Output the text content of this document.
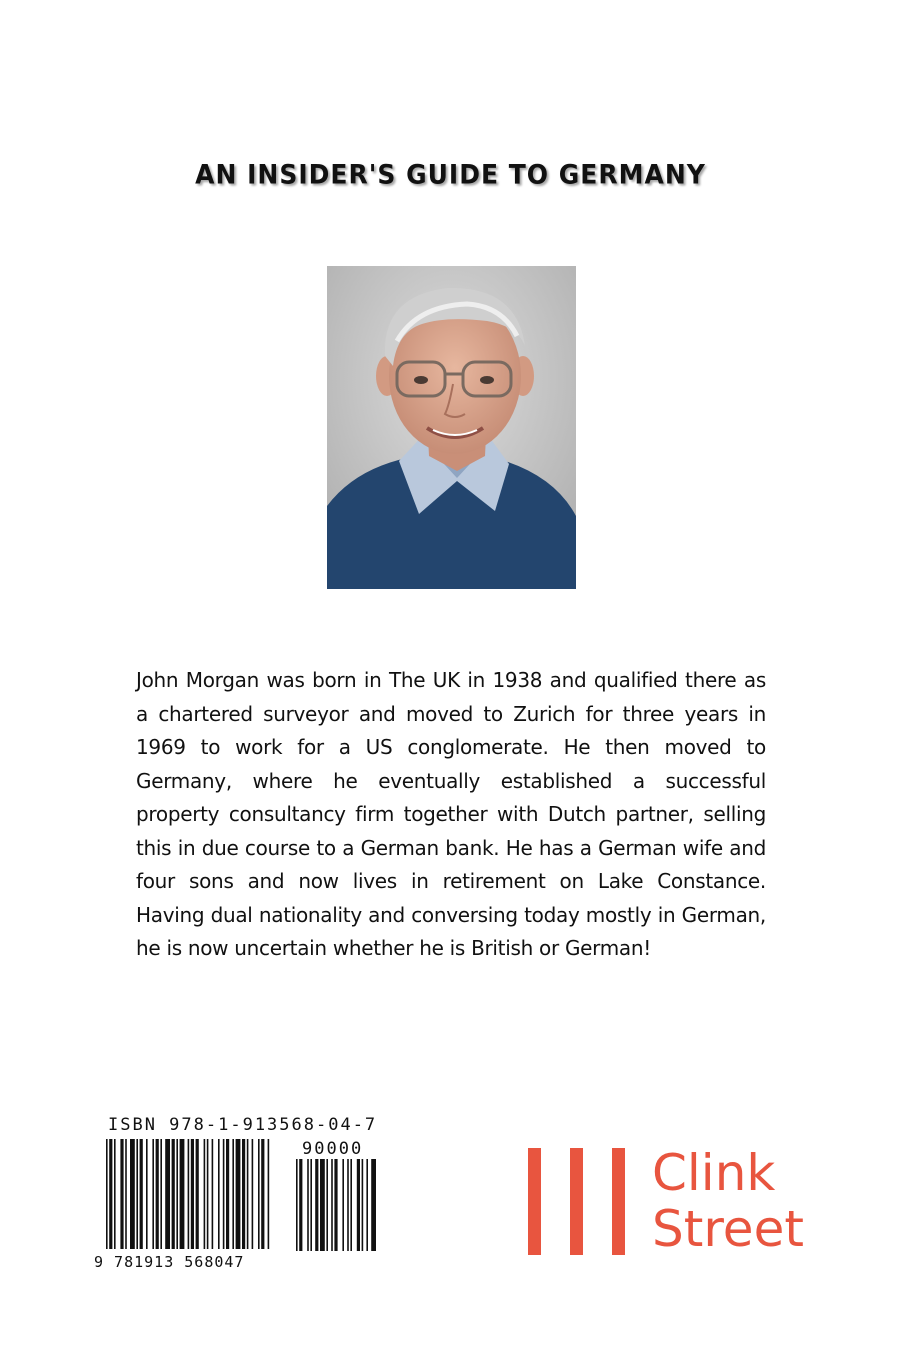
AN INSIDER'S GUIDE TO GERMANY
John Morgan was born in The UK in 1938 and qualified there as a chartered surveyor and moved to Zurich for three years in 1969 to work for a US conglomerate. He then moved to Germany, where he eventually established a successful property consultancy firm together with Dutch partner, selling this in due course to a German bank. He has a German wife and four sons and now lives in retirement on Lake Constance. Having dual nationality and conversing today mostly in German, he is now uncertain whether he is British or German!
ISBN 978-1-913568-04-7
90000
9 781913 568047
Clink
Street
